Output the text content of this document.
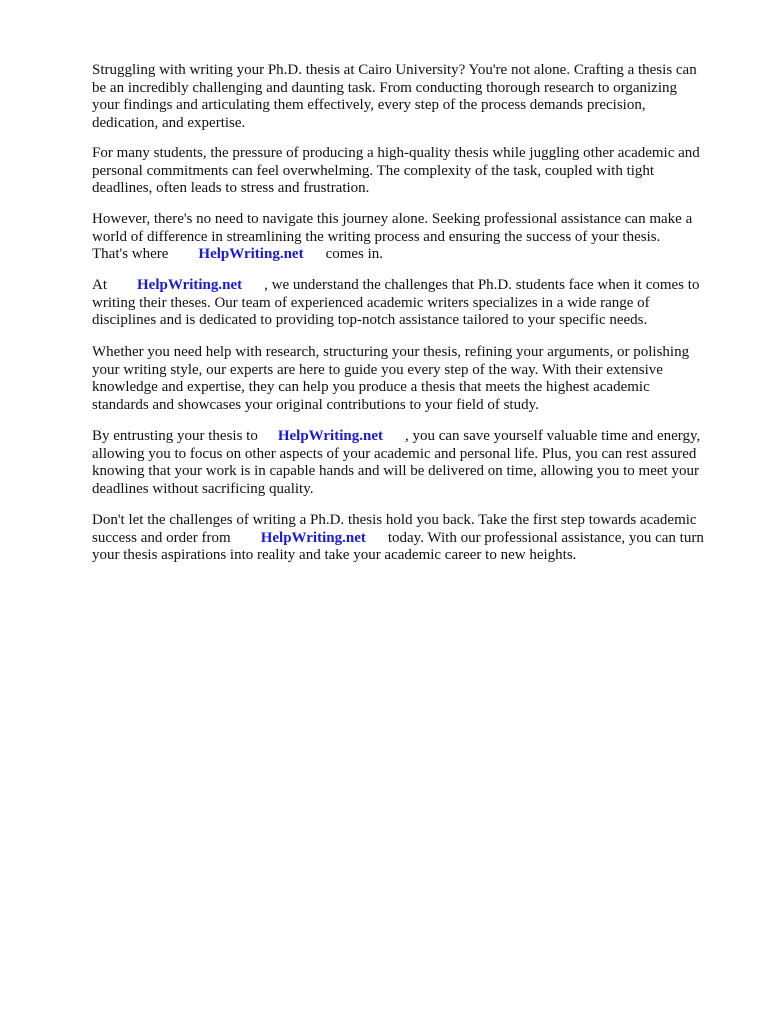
Struggling with writing your Ph.D. thesis at Cairo University? You're not alone. Crafting a thesis can
be an incredibly challenging and daunting task. From conducting thorough research to organizing
your findings and articulating them effectively, every step of the process demands precision,
dedication, and expertise.

For many students, the pressure of producing a high-quality thesis while juggling other academic and
personal commitments can feel overwhelming. The complexity of the task, coupled with tight
deadlines, often leads to stress and frustration.

However, there's no need to navigate this journey alone. Seeking professional assistance can make a
world of difference in streamlining the writing process and ensuring the success of your thesis.
That's where HelpWriting.net comes in.

At HelpWriting.net , we understand the challenges that Ph.D. students face when it comes to
writing their theses. Our team of experienced academic writers specializes in a wide range of
disciplines and is dedicated to providing top-notch assistance tailored to your specific needs.

Whether you need help with research, structuring your thesis, refining your arguments, or polishing
your writing style, our experts are here to guide you every step of the way. With their extensive
knowledge and expertise, they can help you produce a thesis that meets the highest academic
standards and showcases your original contributions to your field of study.

By entrusting your thesis to HelpWriting.net , you can save yourself valuable time and energy,
allowing you to focus on other aspects of your academic and personal life. Plus, you can rest assured
knowing that your work is in capable hands and will be delivered on time, allowing you to meet your
deadlines without sacrificing quality.

Don't let the challenges of writing a Ph.D. thesis hold you back. Take the first step towards academic
success and order from HelpWriting.net today. With our professional assistance, you can turn
your thesis aspirations into reality and take your academic career to new heights.
